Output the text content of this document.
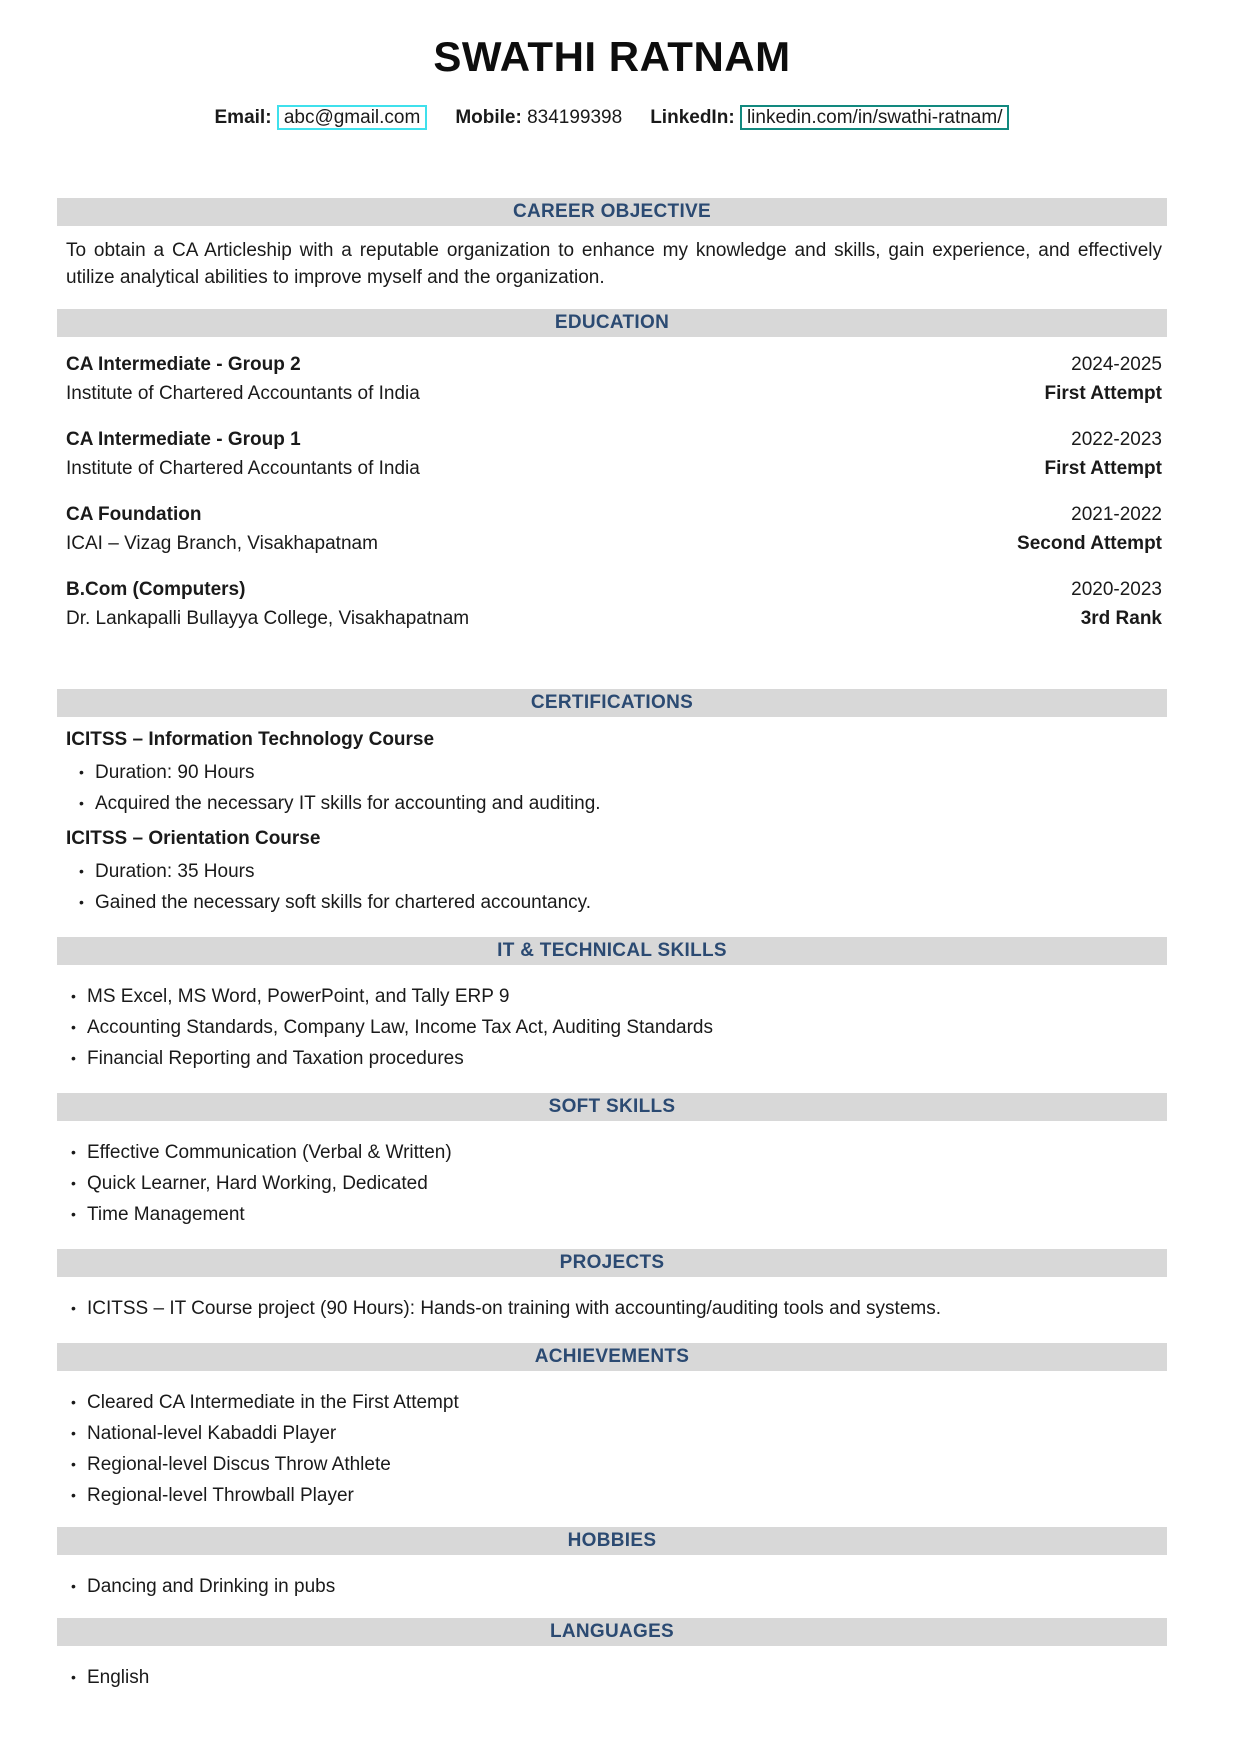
SWATHI RATNAM
Email: abc@gmail.com Mobile: 834199398 LinkedIn: linkedin.com/in/swathi-ratnam/
CAREER OBJECTIVE

To obtain a CA Articleship with a reputable organization to enhance my knowledge and skills, gain experience, and effectively utilize analytical abilities to improve myself and the organization.

EDUCATION
CA Intermediate - Group 2
Institute of Chartered Accountants of India
2024-2025
First Attempt
CA Intermediate - Group 1
Institute of Chartered Accountants of India
2022-2023
First Attempt
CA Foundation
ICAI – Vizag Branch, Visakhapatnam
2021-2022
Second Attempt
B.Com (Computers)
Dr. Lankapalli Bullayya College, Visakhapatnam
2020-2023
3rd Rank
CERTIFICATIONS
ICITSS – Information Technology Course
•
Duration: 90 Hours
•
Acquired the necessary IT skills for accounting and auditing.
ICITSS – Orientation Course
•
Duration: 35 Hours
•
Gained the necessary soft skills for chartered accountancy.
IT & TECHNICAL SKILLS
•
MS Excel, MS Word, PowerPoint, and Tally ERP 9
•
Accounting Standards, Company Law, Income Tax Act, Auditing Standards
•
Financial Reporting and Taxation procedures
SOFT SKILLS
•
Effective Communication (Verbal & Written)
•
Quick Learner, Hard Working, Dedicated
•
Time Management
PROJECTS
•
ICITSS – IT Course project (90 Hours): Hands-on training with accounting/auditing tools and systems.
ACHIEVEMENTS
•
Cleared CA Intermediate in the First Attempt
•
National-level Kabaddi Player
•
Regional-level Discus Throw Athlete
•
Regional-level Throwball Player
HOBBIES
•
Dancing and Drinking in pubs
LANGUAGES
•
English
